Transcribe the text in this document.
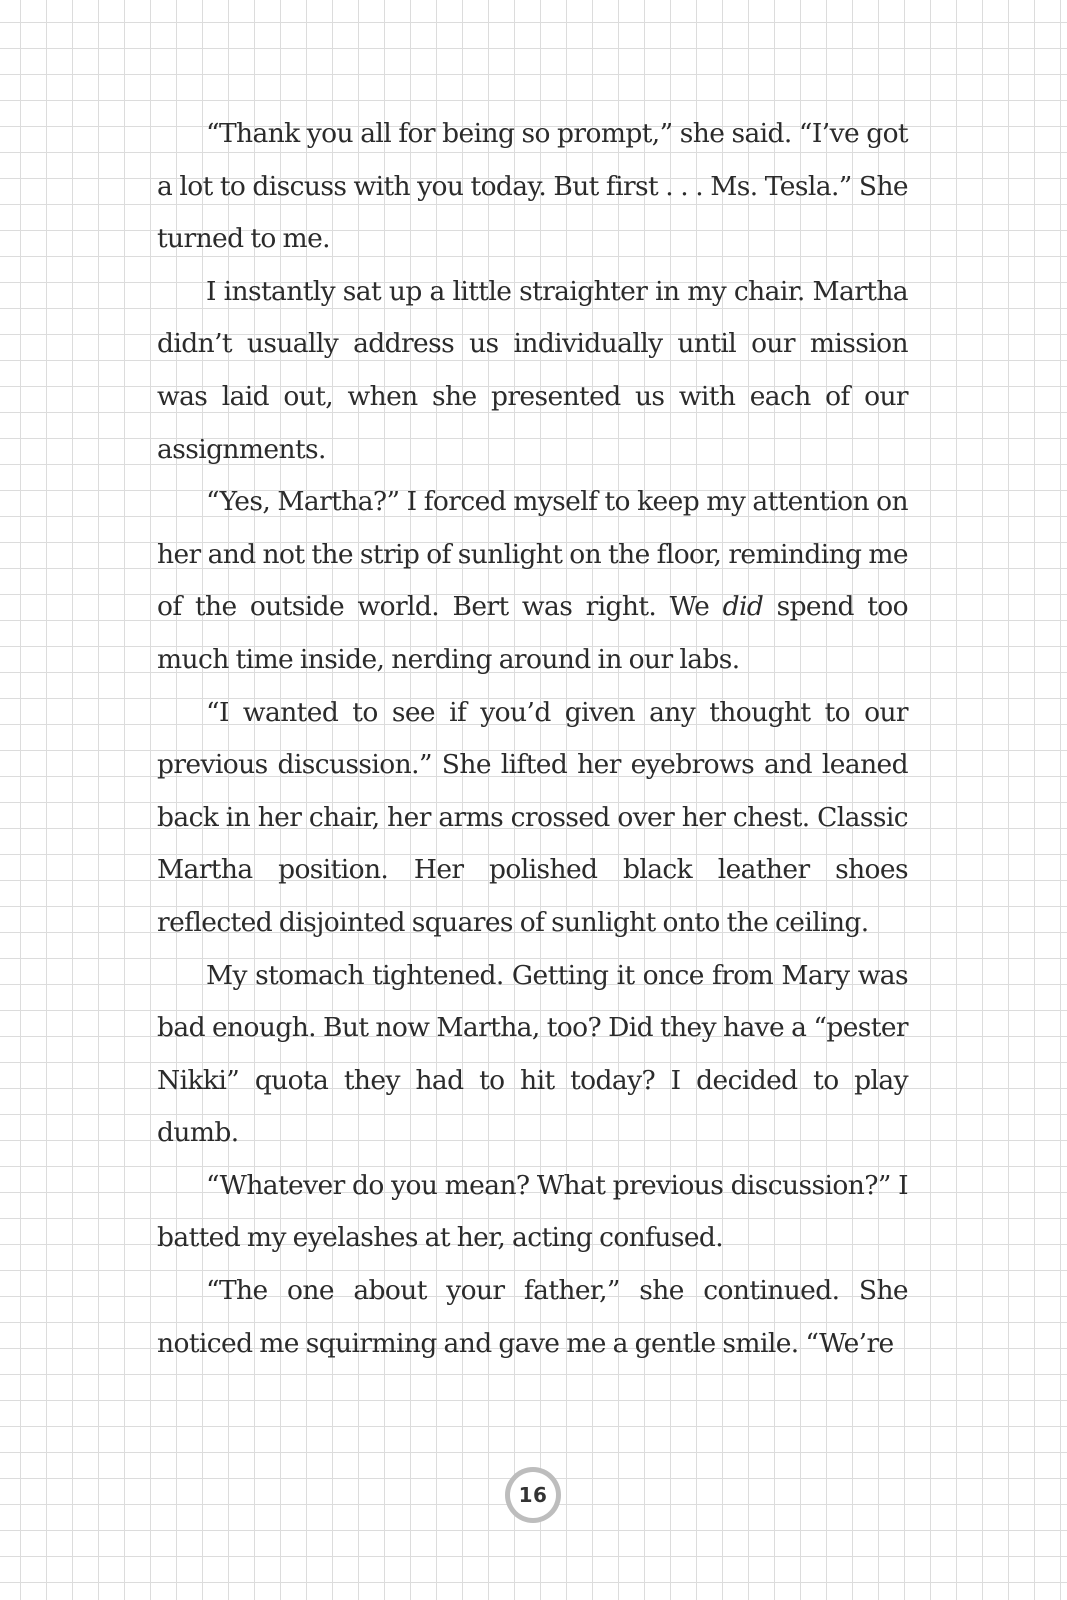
“Thank you all for being so prompt,” she said. “I’ve got a lot to discuss with you today. But first . . . Ms. Tesla.” She turned to me.

I instantly sat up a little straighter in my chair. Martha didn’t usually address us individually until our mission was laid out, when she presented us with each of our assignments.

“Yes, Martha?” I forced myself to keep my attention on her and not the strip of sunlight on the floor, reminding me of the outside world. Bert was right. We did spend too much time inside, nerding around in our labs.

“I wanted to see if you’d given any thought to our previous discussion.” She lifted her eyebrows and leaned back in her chair, her arms crossed over her chest. Classic Martha position. Her polished black leather shoes reflected disjointed squares of sunlight onto the ceiling.

My stomach tightened. Getting it once from Mary was bad enough. But now Martha, too? Did they have a “pester Nikki” quota they had to hit today? I decided to play dumb.

“Whatever do you mean? What previous discussion?” I batted my eyelashes at her, acting confused.

“The one about your father,” she continued. She noticed me squirming and gave me a gentle smile. “We’re

16
